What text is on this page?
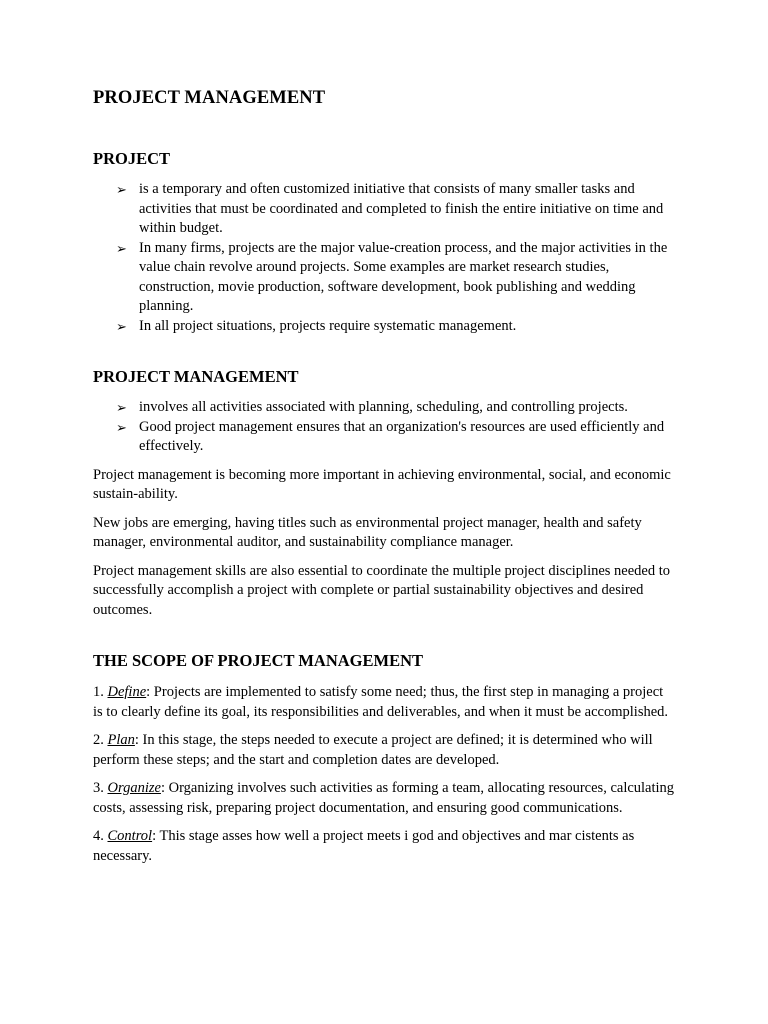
PROJECT MANAGEMENT
PROJECT
➢ is a temporary and often customized initiative that consists of many smaller tasks and activities that must be coordinated and completed to finish the entire initiative on time and within budget.
➢ In many firms, projects are the major value-creation process, and the major activities in the value chain revolve around projects. Some examples are market research studies, construction, movie production, software development, book publishing and wedding planning.
➢ In all project situations, projects require systematic management.
PROJECT MANAGEMENT
➢ involves all activities associated with planning, scheduling, and controlling projects.
➢ Good project management ensures that an organization's resources are used efficiently and effectively.

Project management is becoming more important in achieving environmental, social, and economic sustain-ability.

New jobs are emerging, having titles such as environmental project manager, health and safety manager, environmental auditor, and sustainability compliance manager.

Project management skills are also essential to coordinate the multiple project disciplines needed to successfully accomplish a project with complete or partial sustainability objectives and desired outcomes.

THE SCOPE OF PROJECT MANAGEMENT

1. Define: Projects are implemented to satisfy some need; thus, the first step in managing a project is to clearly define its goal, its responsibilities and deliverables, and when it must be accomplished.

2. Plan: In this stage, the steps needed to execute a project are defined; it is determined who will perform these steps; and the start and completion dates are developed.

3. Organize: Organizing involves such activities as forming a team, allocating resources, calculating costs, assessing risk, preparing project documentation, and ensuring good communications.

4. Control: This stage asses how well a project meets i god and objectives and mar cistents as necessary.
